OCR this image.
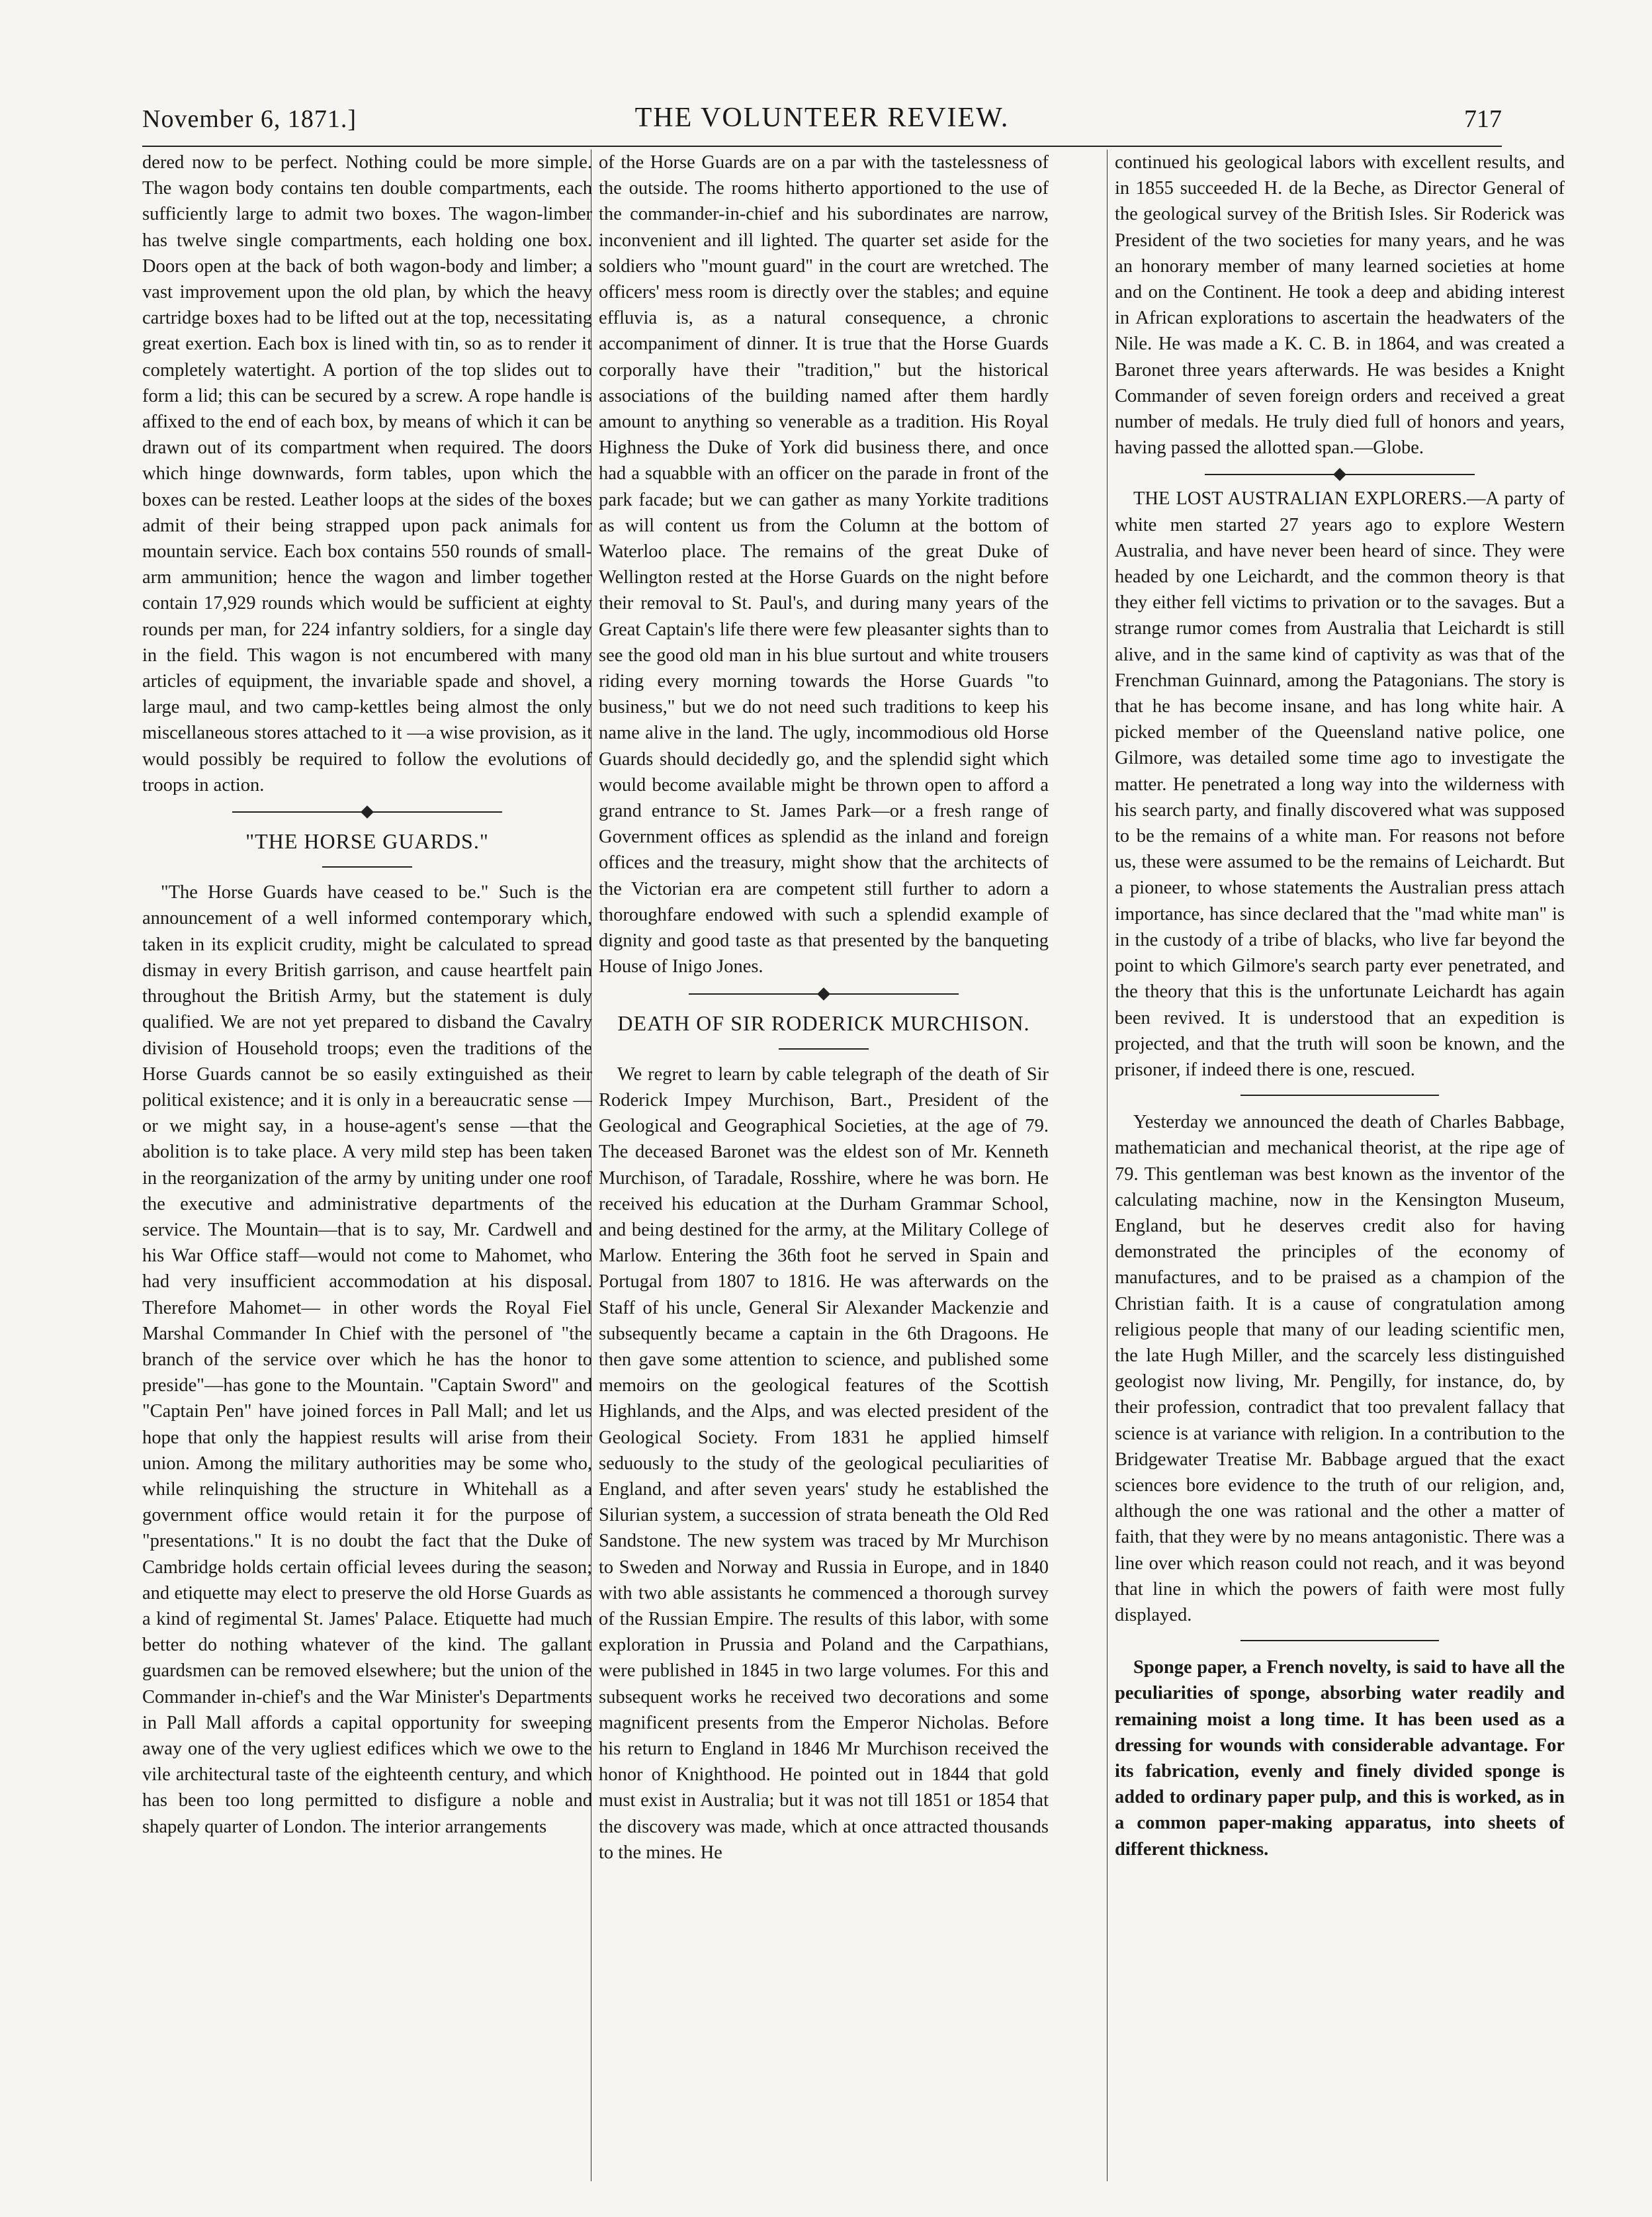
November 6, 1871.]	THE VOLUNTEER REVIEW.	717

dered now to be perfect. Nothing could be more simple. The wagon body contains ten double compartments, each sufficiently large to admit two boxes. The wagon-limber has twelve single compartments, each holding one box. Doors open at the back of both wagon-body and limber; a vast improvement upon the old plan, by which the heavy cartridge boxes had to be lifted out at the top, necessitating great exertion. Each box is lined with tin, so as to render it completely watertight. A portion of the top slides out to form a lid; this can be secured by a screw. A rope handle is affixed to the end of each box, by means of which it can be drawn out of its compartment when required. The doors which hinge downwards, form tables, upon which the boxes can be rested. Leather loops at the sides of the boxes admit of their being strapped upon pack animals for mountain service. Each box contains 550 rounds of small-arm ammunition; hence the wagon and limber together contain 17,929 rounds which would be sufficient at eighty rounds per man, for 224 infantry soldiers, for a single day in the field. This wagon is not encumbered with many articles of equipment, the invariable spade and shovel, a large maul, and two camp-kettles being almost the only miscellaneous stores attached to it —a wise provision, as it would possibly be required to follow the evolutions of troops in action.

"THE HORSE GUARDS."

"The Horse Guards have ceased to be." Such is the announcement of a well informed contemporary which, taken in its explicit crudity, might be calculated to spread dismay in every British garrison, and cause heartfelt pain throughout the British Army, but the statement is duly qualified. We are not yet prepared to disband the Cavalry division of Household troops; even the traditions of the Horse Guards cannot be so easily extinguished as their political existence; and it is only in a bereaucratic sense —or we might say, in a house-agent's sense —that the abolition is to take place. A very mild step has been taken in the reorganization of the army by uniting under one roof the executive and administrative departments of the service. The Mountain—that is to say, Mr. Cardwell and his War Office staff—would not come to Mahomet, who had very insufficient accommodation at his disposal. Therefore Mahomet— in other words the Royal Fiel Marshal Commander In Chief with the personel of "the branch of the service over which he has the honor to preside"—has gone to the Mountain. "Captain Sword" and "Captain Pen" have joined forces in Pall Mall; and let us hope that only the happiest results will arise from their union. Among the military authorities may be some who, while relinquishing the structure in Whitehall as a government office would retain it for the purpose of "presentations." It is no doubt the fact that the Duke of Cambridge holds certain official levees during the season; and etiquette may elect to preserve the old Horse Guards as a kind of regimental St. James' Palace. Etiquette had much better do nothing whatever of the kind. The gallant guardsmen can be removed elsewhere; but the union of the Commander in-chief's and the War Minister's Departments in Pall Mall affords a capital opportunity for sweeping away one of the very ugliest edifices which we owe to the vile architectural taste of the eighteenth century, and which has been too long permitted to disfigure a noble and shapely quarter of London. The interior arrangements

of the Horse Guards are on a par with the tastelessness of the outside. The rooms hitherto apportioned to the use of the commander-in-chief and his subordinates are narrow, inconvenient and ill lighted. The quarter set aside for the soldiers who "mount guard" in the court are wretched. The officers' mess room is directly over the stables; and equine effluvia is, as a natural consequence, a chronic accompaniment of dinner. It is true that the Horse Guards corporally have their "tradition," but the historical associations of the building named after them hardly amount to anything so venerable as a tradition. His Royal Highness the Duke of York did business there, and once had a squabble with an officer on the parade in front of the park facade; but we can gather as many Yorkite traditions as will content us from the Column at the bottom of Waterloo place. The remains of the great Duke of Wellington rested at the Horse Guards on the night before their removal to St. Paul's, and during many years of the Great Captain's life there were few pleasanter sights than to see the good old man in his blue surtout and white trousers riding every morning towards the Horse Guards "to business," but we do not need such traditions to keep his name alive in the land. The ugly, incommodious old Horse Guards should decidedly go, and the splendid sight which would become available might be thrown open to afford a grand entrance to St. James Park—or a fresh range of Government offices as splendid as the inland and foreign offices and the treasury, might show that the architects of the Victorian era are competent still further to adorn a thoroughfare endowed with such a splendid example of dignity and good taste as that presented by the banqueting House of Inigo Jones.

DEATH OF SIR RODERICK MURCHISON.

We regret to learn by cable telegraph of the death of Sir Roderick Impey Murchison, Bart., President of the Geological and Geographical Societies, at the age of 79. The deceased Baronet was the eldest son of Mr. Kenneth Murchison, of Taradale, Rosshire, where he was born. He received his education at the Durham Grammar School, and being destined for the army, at the Military College of Marlow. Entering the 36th foot he served in Spain and Portugal from 1807 to 1816. He was afterwards on the Staff of his uncle, General Sir Alexander Mackenzie and subsequently became a captain in the 6th Dragoons. He then gave some attention to science, and published some memoirs on the geological features of the Scottish Highlands, and the Alps, and was elected president of the Geological Society. From 1831 he applied himself seduously to the study of the geological peculiarities of England, and after seven years' study he established the Silurian system, a succession of strata beneath the Old Red Sandstone. The new system was traced by Mr Murchison to Sweden and Norway and Russia in Europe, and in 1840 with two able assistants he commenced a thorough survey of the Russian Empire. The results of this labor, with some exploration in Prussia and Poland and the Carpathians, were published in 1845 in two large volumes. For this and subsequent works he received two decorations and some magnificent presents from the Emperor Nicholas. Before his return to England in 1846 Mr Murchison received the honor of Knighthood. He pointed out in 1844 that gold must exist in Australia; but it was not till 1851 or 1854 that the discovery was made, which at once attracted thousands to the mines. He

continued his geological labors with excellent results, and in 1855 succeeded H. de la Beche, as Director General of the geological survey of the British Isles. Sir Roderick was President of the two societies for many years, and he was an honorary member of many learned societies at home and on the Continent. He took a deep and abiding interest in African explorations to ascertain the headwaters of the Nile. He was made a K. C. B. in 1864, and was created a Baronet three years afterwards. He was besides a Knight Commander of seven foreign orders and received a great number of medals. He truly died full of honors and years, having passed the allotted span.—Globe.

THE LOST AUSTRALIAN EXPLORERS.—A party of white men started 27 years ago to explore Western Australia, and have never been heard of since. They were headed by one Leichardt, and the common theory is that they either fell victims to privation or to the savages. But a strange rumor comes from Australia that Leichardt is still alive, and in the same kind of captivity as was that of the Frenchman Guinnard, among the Patagonians. The story is that he has become insane, and has long white hair. A picked member of the Queensland native police, one Gilmore, was detailed some time ago to investigate the matter. He penetrated a long way into the wilderness with his search party, and finally discovered what was supposed to be the remains of a white man. For reasons not before us, these were assumed to be the remains of Leichardt. But a pioneer, to whose statements the Australian press attach importance, has since declared that the "mad white man" is in the custody of a tribe of blacks, who live far beyond the point to which Gilmore's search party ever penetrated, and the theory that this is the unfortunate Leichardt has again been revived. It is understood that an expedition is projected, and that the truth will soon be known, and the prisoner, if indeed there is one, rescued.

Yesterday we announced the death of Charles Babbage, mathematician and mechanical theorist, at the ripe age of 79. This gentleman was best known as the inventor of the calculating machine, now in the Kensington Museum, England, but he deserves credit also for having demonstrated the principles of the economy of manufactures, and to be praised as a champion of the Christian faith. It is a cause of congratulation among religious people that many of our leading scientific men, the late Hugh Miller, and the scarcely less distinguished geologist now living, Mr. Pengilly, for instance, do, by their profession, contradict that too prevalent fallacy that science is at variance with religion. In a contribution to the Bridgewater Treatise Mr. Babbage argued that the exact sciences bore evidence to the truth of our religion, and, although the one was rational and the other a matter of faith, that they were by no means antagonistic. There was a line over which reason could not reach, and it was beyond that line in which the powers of faith were most fully displayed.

Sponge paper, a French novelty, is said to have all the peculiarities of sponge, absorbing water readily and remaining moist a long time. It has been used as a dressing for wounds with considerable advantage. For its fabrication, evenly and finely divided sponge is added to ordinary paper pulp, and this is worked, as in a common paper-making apparatus, into sheets of different thickness.
